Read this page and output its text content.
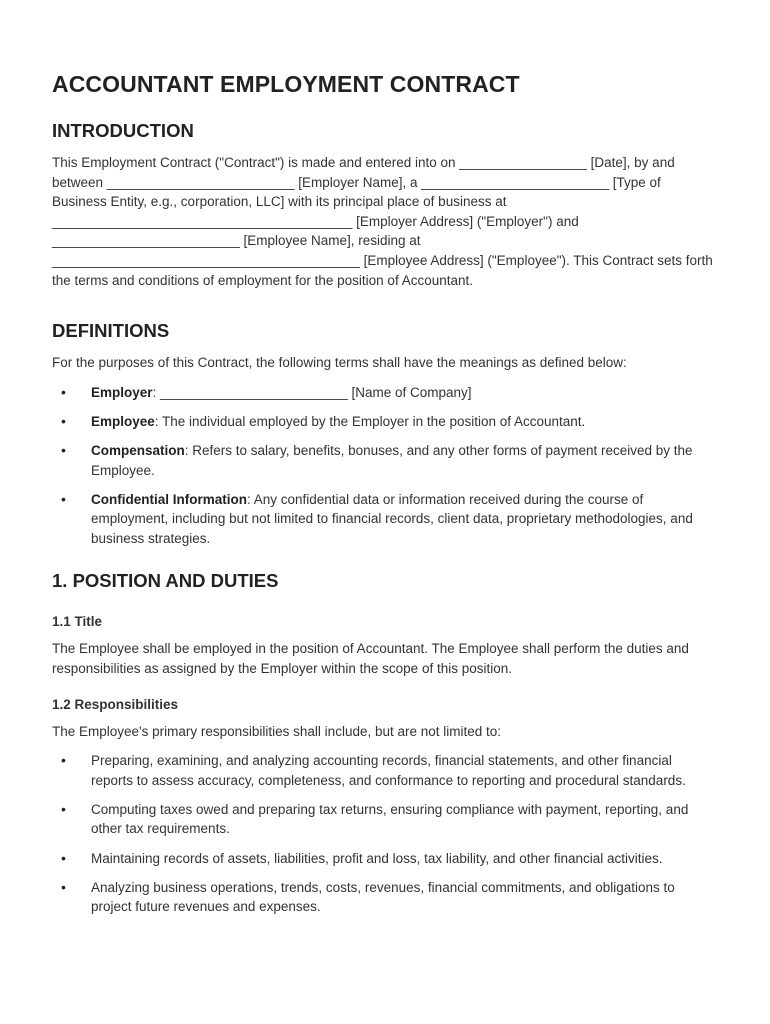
ACCOUNTANT EMPLOYMENT CONTRACT
INTRODUCTION

This Employment Contract ("Contract") is made and entered into on _________________ [Date], by and between _________________________ [Employer Name], a _________________________ [Type of Business Entity, e.g., corporation, LLC] with its principal place of business at ________________________________________ [Employer Address] ("Employer") and _________________________ [Employee Name], residing at _________________________________________ [Employee Address] ("Employee"). This Contract sets forth the terms and conditions of employment for the position of Accountant.

DEFINITIONS

For the purposes of this Contract, the following terms shall have the meanings as defined below:

• Employer: _________________________ [Name of Company]
• Employee: The individual employed by the Employer in the position of Accountant.
• Compensation: Refers to salary, benefits, bonuses, and any other forms of payment received by the Employee.
• Confidential Information: Any confidential data or information received during the course of employment, including but not limited to financial records, client data, proprietary methodologies, and business strategies.
1. POSITION AND DUTIES
1.1 Title

The Employee shall be employed in the position of Accountant. The Employee shall perform the duties and responsibilities as assigned by the Employer within the scope of this position.

1.2 Responsibilities

The Employee's primary responsibilities shall include, but are not limited to:

• Preparing, examining, and analyzing accounting records, financial statements, and other financial reports to assess accuracy, completeness, and conformance to reporting and procedural standards.
• Computing taxes owed and preparing tax returns, ensuring compliance with payment, reporting, and other tax requirements.
• Maintaining records of assets, liabilities, profit and loss, tax liability, and other financial activities.
• Analyzing business operations, trends, costs, revenues, financial commitments, and obligations to project future revenues and expenses.
